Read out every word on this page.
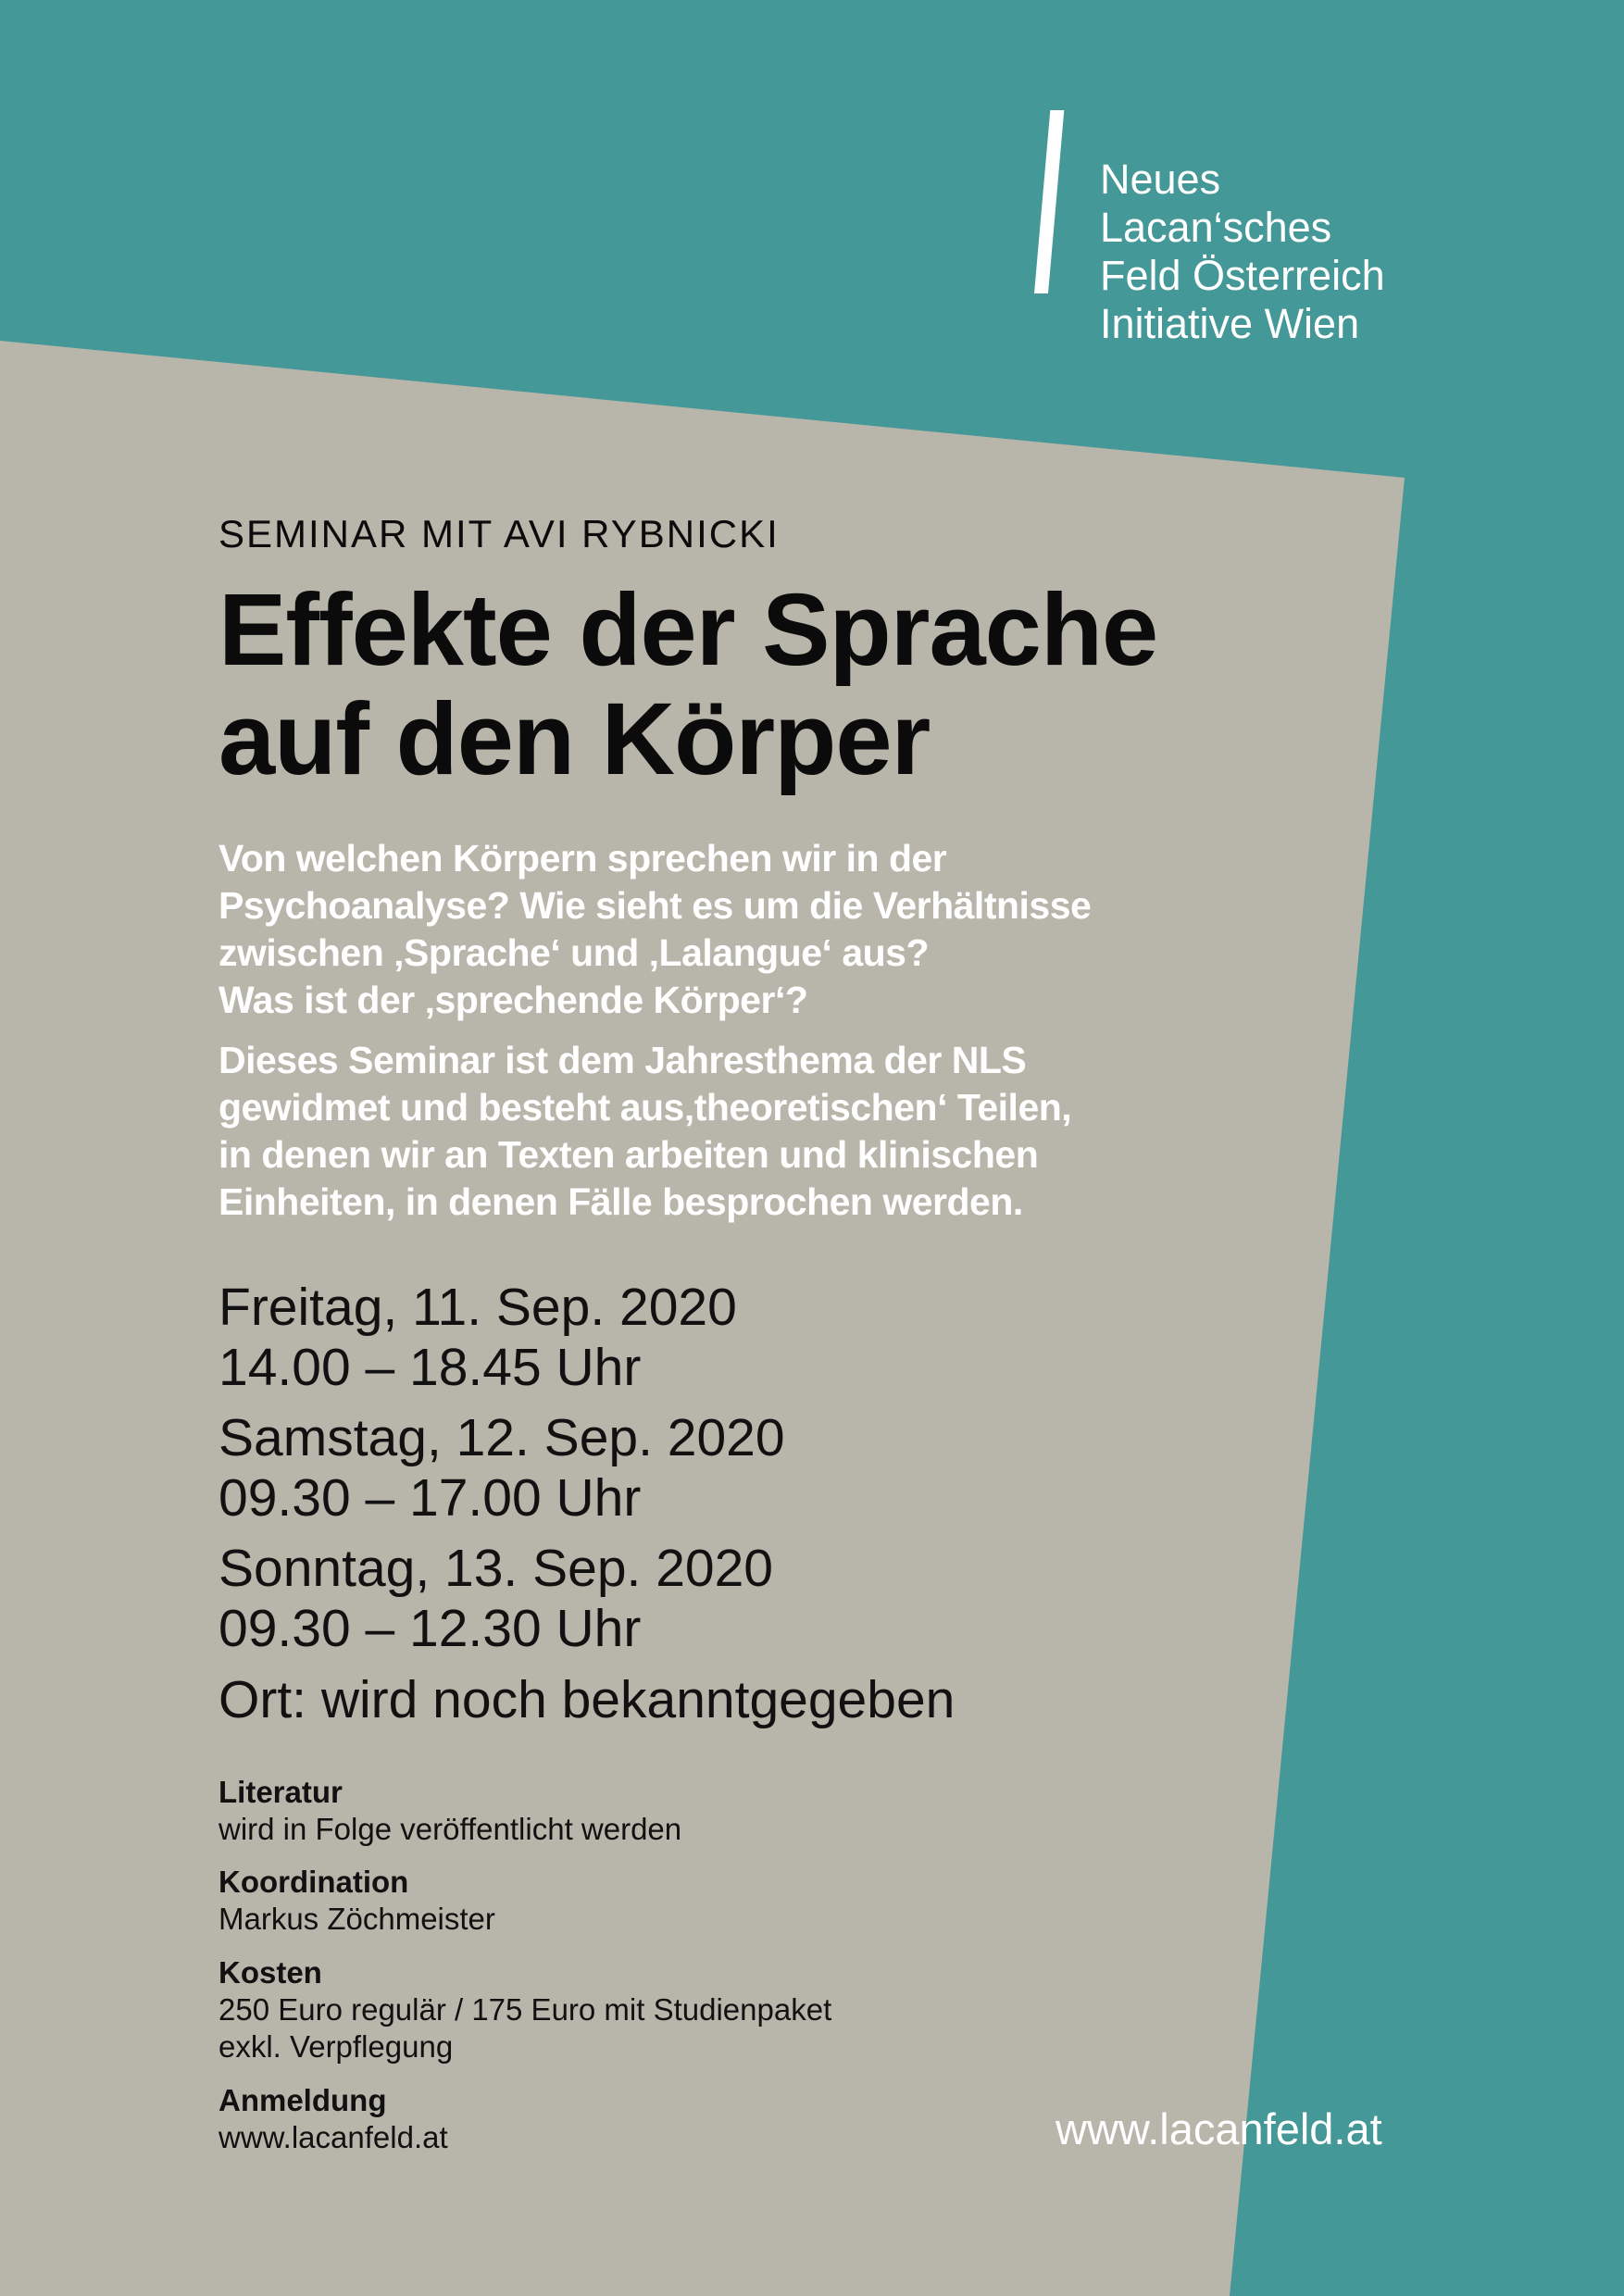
Neues
Lacan‘sches
Feld Österreich
Initiative Wien
SEMINAR MIT AVI RYBNICKI
Effekte der Sprache
auf den Körper
Von welchen Körpern sprechen wir in der
Psychoanalyse? Wie sieht es um die Verhältnisse
zwischen ‚Sprache‘ und ‚Lalangue‘ aus?
Was ist der ‚sprechende Körper‘?
Dieses Seminar ist dem Jahresthema der NLS
gewidmet und besteht aus‚theoretischen‘ Teilen,
in denen wir an Texten arbeiten und klinischen
Einheiten, in denen Fälle besprochen werden.
Freitag, 11. Sep. 2020
14.00 – 18.45 Uhr
Samstag, 12. Sep. 2020
09.30 – 17.00 Uhr
Sonntag, 13. Sep. 2020
09.30 – 12.30 Uhr
Ort: wird noch bekanntgegeben
Literatur
wird in Folge veröffentlicht werden
Koordination
Markus Zöchmeister
Kosten
250 Euro regulär / 175 Euro mit Studienpaket
exkl. Verpflegung
Anmeldung
www.lacanfeld.at	www.lacanfeld.at
